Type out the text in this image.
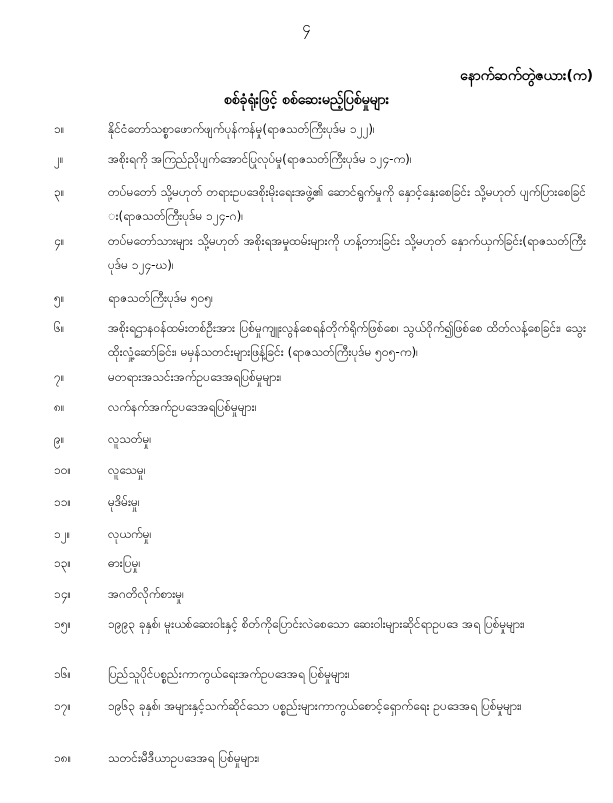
၄
နောက်ဆက်တွဲဇယား(က)
စစ်ခုံရုံးဖြင့် စစ်ဆေးမည့်ပြစ်မှုများ
၁။	နိုင်ငံတော်သစ္စာဖောက်ဖျက်ပုန်ကန်မှု(ရာဇသတ်ကြီးပုဒ်မ ၁၂၂)၊
၂။	အစိုးရကို အကြည်ညိုပျက်အောင်ပြုလုပ်မှု(ရာဇသတ်ကြီးပုဒ်မ ၁၂၄-က)၊
၃။	တပ်မတော် သို့မဟုတ် တရားဥပဒေစိုးမိုးရေးအဖွဲ့၏ ဆောင်ရွက်မှုကို နှောင့်နှေးစေခြင်း သို့မဟုတ် ပျက်ပြားစေခြင်း(ရာဇသတ်ကြီးပုဒ်မ ၁၂၄-ဂ)၊
၄။	တပ်မတော်သားများ သို့မဟုတ် အစိုးရအမှုထမ်းများကို ဟန့်တားခြင်း သို့မဟုတ် နှောက်ယှက်ခြင်း(ရာဇသတ်ကြီးပုဒ်မ ၁၂၄-ဃ)၊
၅။	ရာဇသတ်ကြီးပုဒ်မ ၅၀၅၊
၆။	အစိုးရဌာနဝန်ထမ်းတစ်ဦးအား ပြစ်မှုကျူးလွန်စေရန်တိုက်ရိုက်ဖြစ်စေ၊ သွယ်ဝိုက်၍ဖြစ်စေ ထိတ်လန့်စေခြင်း၊ သွေးထိုးလှုံ့ဆော်ခြင်း၊ မမှန်သတင်းများဖြန့်ခြင်း (ရာဇသတ်ကြီးပုဒ်မ ၅၀၅-က)၊
၇။	မတရားအသင်းအက်ဥပဒေအရပြစ်မှုများ၊
၈။	လက်နက်အက်ဥပဒေအရပြစ်မှုများ၊
၉။	လူသတ်မှု၊
၁၀။	လူသေမှု၊
၁၁။	မုဒိမ်းမှု၊
၁၂။	လုယက်မှု၊
၁၃။	ဓားပြမှု၊
၁၄။	အဂတိလိုက်စားမှု၊
၁၅။	၁၉၉၃ ခုနှစ်၊ မူးယစ်ဆေးဝါးနှင့် စိတ်ကိုပြောင်းလဲစေသော ဆေးဝါးများဆိုင်ရာဥပဒေ အရ ပြစ်မှုများ၊
၁၆။	ပြည်သူပိုင်ပစ္စည်းကာကွယ်ရေးအက်ဥပဒေအရ ပြစ်မှုများ၊
၁၇။	၁၉၆၃ ခုနှစ်၊ အများနှင့်သက်ဆိုင်သော ပစ္စည်းများကာကွယ်စောင့်ရှောက်ရေး ဥပဒေအရ ပြစ်မှုများ၊
၁၈။	သတင်းမီဒီယာဥပဒေအရ ပြစ်မှုများ၊
